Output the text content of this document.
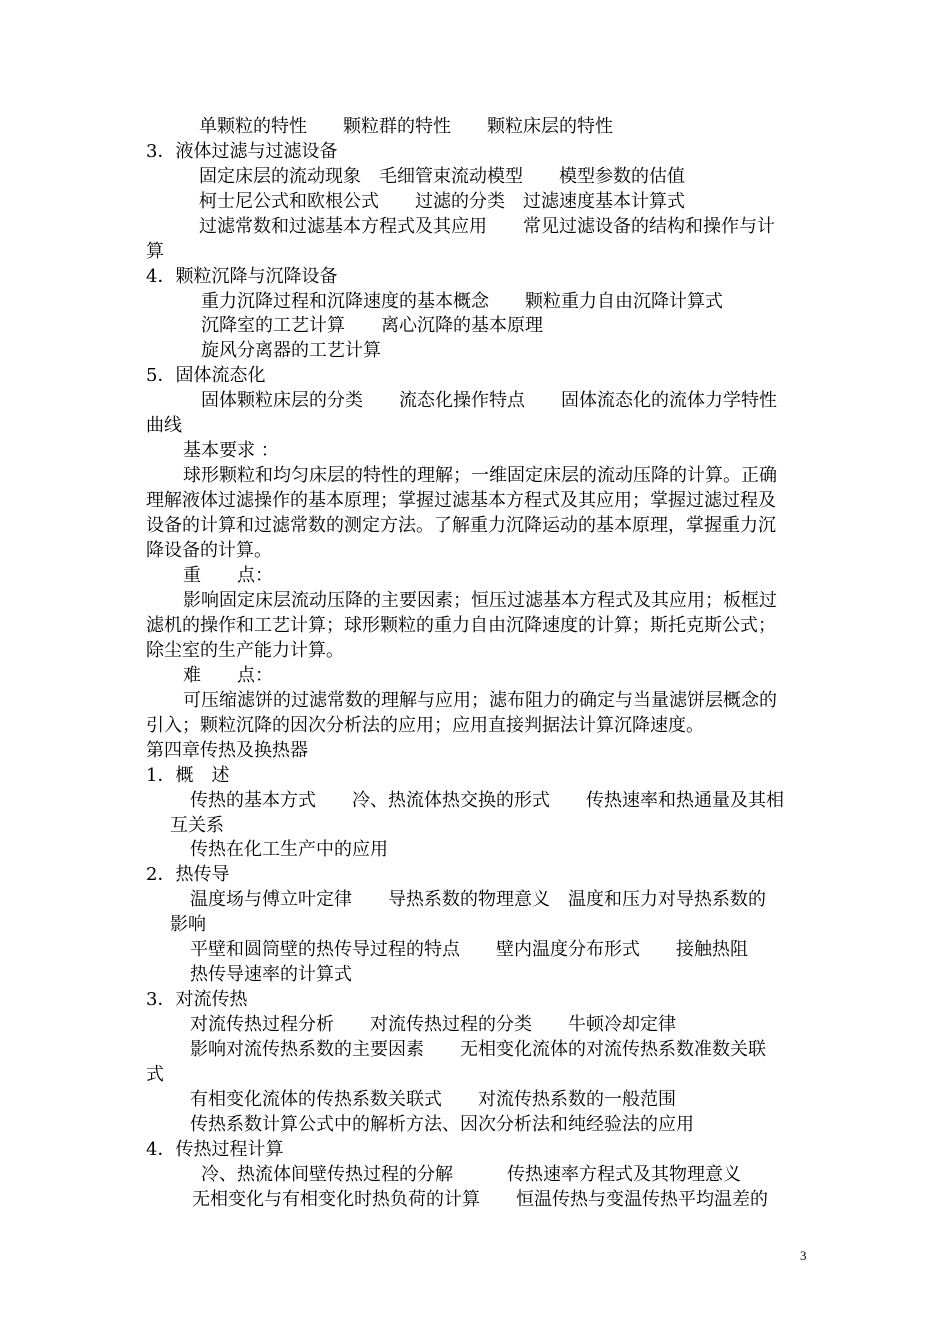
单颗粒的特性　　颗粒群的特性　　颗粒床层的特性
3．液体过滤与过滤设备
固定床层的流动现象　毛细管束流动模型　　模型参数的估值
柯士尼公式和欧根公式　　过滤的分类　过滤速度基本计算式
过滤常数和过滤基本方程式及其应用　　常见过滤设备的结构和操作与计
算
4．颗粒沉降与沉降设备
重力沉降过程和沉降速度的基本概念　　颗粒重力自由沉降计算式
沉降室的工艺计算　　离心沉降的基本原理
旋风分离器的工艺计算
5．固体流态化
固体颗粒床层的分类　　流态化操作特点　　固体流态化的流体力学特性
曲线
基本要求 ：
球形颗粒和均匀床层的特性的理解；一维固定床层的流动压降的计算。正确
理解液体过滤操作的基本原理；掌握过滤基本方程式及其应用；掌握过滤过程及
设备的计算和过滤常数的测定方法。了解重力沉降运动的基本原理，掌握重力沉
降设备的计算。
重　　点：
影响固定床层流动压降的主要因素；恒压过滤基本方程式及其应用；板框过
滤机的操作和工艺计算；球形颗粒的重力自由沉降速度的计算；斯托克斯公式；
除尘室的生产能力计算。
难　　点：
可压缩滤饼的过滤常数的理解与应用；滤布阻力的确定与当量滤饼层概念的
引入；颗粒沉降的因次分析法的应用；应用直接判据法计算沉降速度。
第四章传热及换热器
1．概　述
传热的基本方式　　冷、热流体热交换的形式　　传热速率和热通量及其相
互关系
传热在化工生产中的应用
2．热传导
温度场与傅立叶定律　　导热系数的物理意义　温度和压力对导热系数的
影响
平壁和圆筒壁的热传导过程的特点　　壁内温度分布形式　　接触热阻
热传导速率的计算式
3．对流传热
对流传热过程分析　　对流传热过程的分类　　牛顿冷却定律
影响对流传热系数的主要因素　　无相变化流体的对流传热系数准数关联
式
有相变化流体的传热系数关联式　　对流传热系数的一般范围
传热系数计算公式中的解析方法、因次分析法和纯经验法的应用
4．传热过程计算
冷、热流体间壁传热过程的分解　　　传热速率方程式及其物理意义
无相变化与有相变化时热负荷的计算　　恒温传热与变温传热平均温差的
3
